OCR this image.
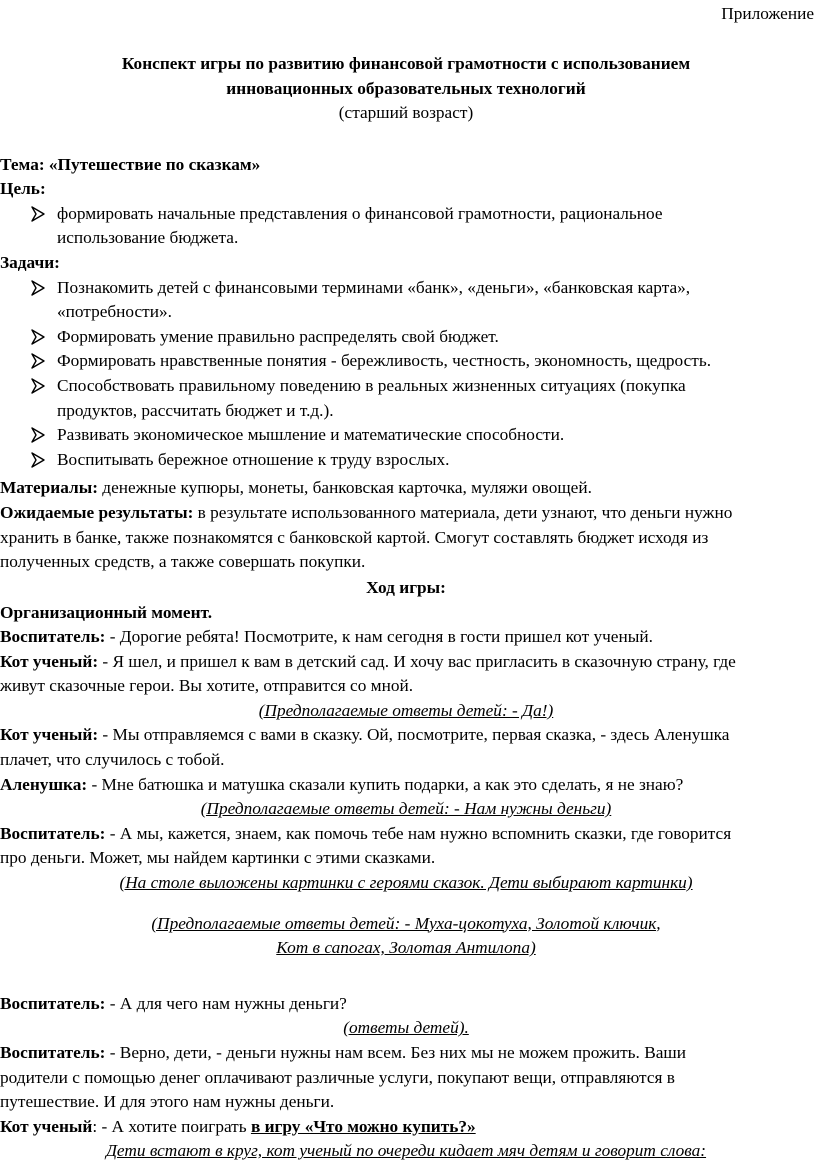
Приложение

Конспект игры по развитию финансовой грамотности с использованием

инновационных образовательных технологий

(старший возраст)

Тема: «Путешествие по сказкам»
Цель:
формировать начальные представления о финансовой грамотности, рациональное
использование бюджета.
Задачи:
Познакомить детей с финансовыми терминами «банк», «деньги», «банковская карта»,
«потребности».
Формировать умение правильно распределять свой бюджет.
Формировать нравственные понятия - бережливость, честность, экономность, щедрость.
Способствовать правильному поведению в реальных жизненных ситуациях (покупка
продуктов, рассчитать бюджет и т.д.).
Развивать экономическое мышление и математические способности.
Воспитывать бережное отношение к труду взрослых.
Материалы: денежные купюры, монеты, банковская карточка, муляжи овощей.
Ожидаемые результаты: в результате использованного материала, дети узнают, что деньги нужно
хранить в банке, также познакомятся с банковской картой. Смогут составлять бюджет исходя из
полученных средств, а также совершать покупки.
Ход игры:
Организационный момент.
Воспитатель: - Дорогие ребята! Посмотрите, к нам сегодня в гости пришел кот ученый.
Кот ученый: - Я шел, и пришел к вам в детский сад. И хочу вас пригласить в сказочную страну, где
живут сказочные герои. Вы хотите, отправится со мной.
(Предполагаемые ответы детей: - Да!)
Кот ученый: - Мы отправляемся с вами в сказку. Ой, посмотрите, первая сказка, - здесь Аленушка
плачет, что случилось с тобой.
Аленушка: - Мне батюшка и матушка сказали купить подарки, а как это сделать, я не знаю?
(Предполагаемые ответы детей: - Нам нужны деньги)
Воспитатель: - А мы, кажется, знаем, как помочь тебе нам нужно вспомнить сказки, где говорится
про деньги. Может, мы найдем картинки с этими сказками.
(На столе выложены картинки с героями сказок. Дети выбирают картинки)
(Предполагаемые ответы детей: - Муха-цокотуха, Золотой ключик,
Кот в сапогах, Золотая Антилопа)
Воспитатель: - А для чего нам нужны деньги?
(ответы детей).
Воспитатель: - Верно, дети, - деньги нужны нам всем. Без них мы не можем прожить. Ваши
родители с помощью денег оплачивают различные услуги, покупают вещи, отправляются в
путешествие. И для этого нам нужны деньги.
Кот ученый: - А хотите поиграть в игру «Что можно купить?»
Дети встают в круг, кот ученый по очереди кидает мяч детям и говорит слова:
